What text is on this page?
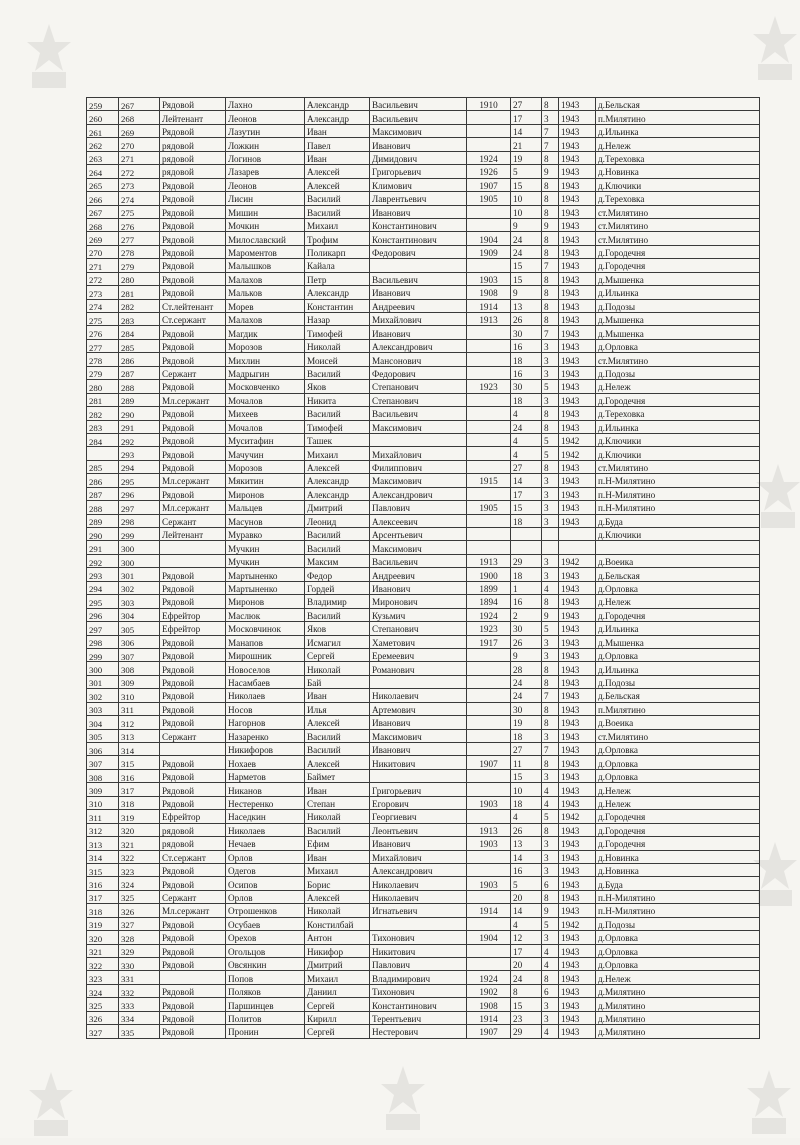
259	267	Рядовой	Лахно	Александр	Васильевич	1910	27	8	1943	д.Бельская
260	268	Лейтенант	Леонов	Александр	Васильевич		17	3	1943	п.Милятино
261	269	Рядовой	Лазутин	Иван	Максимович		14	7	1943	д.Ильинка
262	270	рядовой	Ложкин	Павел	Иванович		21	7	1943	д.Нележ
263	271	рядовой	Логинов	Иван	Димидович	1924	19	8	1943	д.Тереховка
264	272	рядовой	Лазарев	Алексей	Григорьевич	1926	5	9	1943	д.Новинка
265	273	Рядовой	Леонов	Алексей	Климович	1907	15	8	1943	д.Ключики
266	274	Рядовой	Лисин	Василий	Лаврентьевич	1905	10	8	1943	д.Тереховка
267	275	Рядовой	Мишин	Василий	Иванович		10	8	1943	ст.Милятино
268	276	Рядовой	Мочкин	Михаил	Константинович		9	9	1943	ст.Милятино
269	277	Рядовой	Милославский	Трофим	Константинович	1904	24	8	1943	ст.Милятино
270	278	Рядовой	Мароментов	Поликарп	Федорович	1909	24	8	1943	д.Городечня
271	279	Рядовой	Малышков	Кайала			15	7	1943	д.Городечня
272	280	Рядовой	Малахов	Петр	Васильевич	1903	15	8	1943	д.Мышенка
273	281	Рядовой	Мальков	Александр	Иванович	1908	9	8	1943	д.Ильинка
274	282	Ст.лейтенант	Морев	Константин	Андреевич	1914	13	8	1943	д.Подозы
275	283	Ст.сержант	Малахов	Назар	Михайлович	1913	26	8	1943	д.Мышенка
276	284	Рядовой	Магдик	Тимофей	Иванович		30	7	1943	д.Мышенка
277	285	Рядовой	Морозов	Николай	Александрович		16	3	1943	д.Орловка
278	286	Рядовой	Михлин	Моисей	Мансонович		18	3	1943	ст.Милятино
279	287	Сержант	Мадрыгин	Василий	Федорович		16	3	1943	д.Подозы
280	288	Рядовой	Московченко	Яков	Степанович	1923	30	5	1943	д.Нележ
281	289	Мл.сержант	Мочалов	Никита	Степанович		18	3	1943	д.Городечня
282	290	Рядовой	Михеев	Василий	Васильевич		4	8	1943	д.Тереховка
283	291	Рядовой	Мочалов	Тимофей	Максимович		24	8	1943	д.Ильинка
284	292	Рядовой	Муситафин	Ташек			4	5	1942	д.Ключики
	293	Рядовой	Мачучин	Михаил	Михайлович		4	5	1942	д.Ключики
285	294	Рядовой	Морозов	Алексей	Филиппович		27	8	1943	ст.Милятино
286	295	Мл.сержант	Мякитин	Александр	Максимович	1915	14	3	1943	п.Н-Милятино
287	296	Рядовой	Миронов	Александр	Александрович		17	3	1943	п.Н-Милятино
288	297	Мл.сержант	Мальцев	Дмитрий	Павлович	1905	15	3	1943	п.Н-Милятино
289	298	Сержант	Масунов	Леонид	Алексеевич		18	3	1943	д.Буда
290	299	Лейтенант	Муравко	Василий	Арсентьевич					д.Ключики
291	300		Мучкин	Василий	Максимович					
292	300		Мучкин	Максим	Васильевич	1913	29	3	1942	д.Воеика
293	301	Рядовой	Мартыненко	Федор	Андреевич	1900	18	3	1943	д.Бельская
294	302	Рядовой	Мартыненко	Гордей	Иванович	1899	1	4	1943	д.Орловка
295	303	Рядовой	Миронов	Владимир	Миронович	1894	16	8	1943	д.Нележ
296	304	Ефрейтор	Маслюк	Василий	Кузьмич	1924	2	9	1943	д.Городечня
297	305	Ефрейтор	Московчинок	Яков	Степанович	1923	30	5	1943	д.Ильинка
298	306	Рядовой	Манапов	Исмагил	Хаметович	1917	26	3	1943	д.Мышенка
299	307	Рядовой	Мирошник	Сергей	Еремеевич		9	3	1943	д.Орловка
300	308	Рядовой	Новоселов	Николай	Романович		28	8	1943	д.Ильинка
301	309	Рядовой	Насамбаев	Бай			24	8	1943	д.Подозы
302	310	Рядовой	Николаев	Иван	Николаевич		24	7	1943	д.Бельская
303	311	Рядовой	Носов	Илья	Артемович		30	8	1943	п.Милятино
304	312	Рядовой	Нагорнов	Алексей	Иванович		19	8	1943	д.Воеика
305	313	Сержант	Назаренко	Василий	Максимович		18	3	1943	ст.Милятино
306	314		Никифоров	Василий	Иванович		27	7	1943	д.Орловка
307	315	Рядовой	Нохаев	Алексей	Никитович	1907	11	8	1943	д.Орловка
308	316	Рядовой	Нарметов	Баймет			15	3	1943	д.Орловка
309	317	Рядовой	Никанов	Иван	Григорьевич		10	4	1943	д.Нележ
310	318	Рядовой	Нестеренко	Степан	Егорович	1903	18	4	1943	д.Нележ
311	319	Ефрейтор	Наседкин	Николай	Георгиевич		4	5	1942	д.Городечня
312	320	рядовой	Николаев	Василий	Леонтьевич	1913	26	8	1943	д.Городечня
313	321	рядовой	Нечаев	Ефим	Иванович	1903	13	3	1943	д.Городечня
314	322	Ст.сержант	Орлов	Иван	Михайлович		14	3	1943	д.Новинка
315	323	Рядовой	Одегов	Михаил	Александрович		16	3	1943	д.Новинка
316	324	Рядовой	Осипов	Борис	Николаевич	1903	5	6	1943	д.Буда
317	325	Сержант	Орлов	Алексей	Николаевич		20	8	1943	п.Н-Милятино
318	326	Мл.сержант	Отрошенков	Николай	Игнатьевич	1914	14	9	1943	п.Н-Милятино
319	327	Рядовой	Осубаев	Констилбай			4	5	1942	д.Подозы
320	328	Рядовой	Орехов	Антон	Тихонович	1904	12	3	1943	д.Орловка
321	329	Рядовой	Огольцов	Никифор	Никитович		17	4	1943	д.Орловка
322	330	Рядовой	Овсянкин	Дмитрий	Павлович		20	4	1943	д.Орловка
323	331		Попов	Михаил	Владимирович	1924	24	8	1943	д.Нележ
324	332	Рядовой	Поляков	Даниил	Тихонович	1902	8	6	1943	д.Милятино
325	333	Рядовой	Паршинцев	Сергей	Константинович	1908	15	3	1943	д.Милятино
326	334	Рядовой	Политов	Кирилл	Терентьевич	1914	23	3	1943	д.Милятино
327	335	Рядовой	Пронин	Сергей	Нестерович	1907	29	4	1943	д.Милятино
